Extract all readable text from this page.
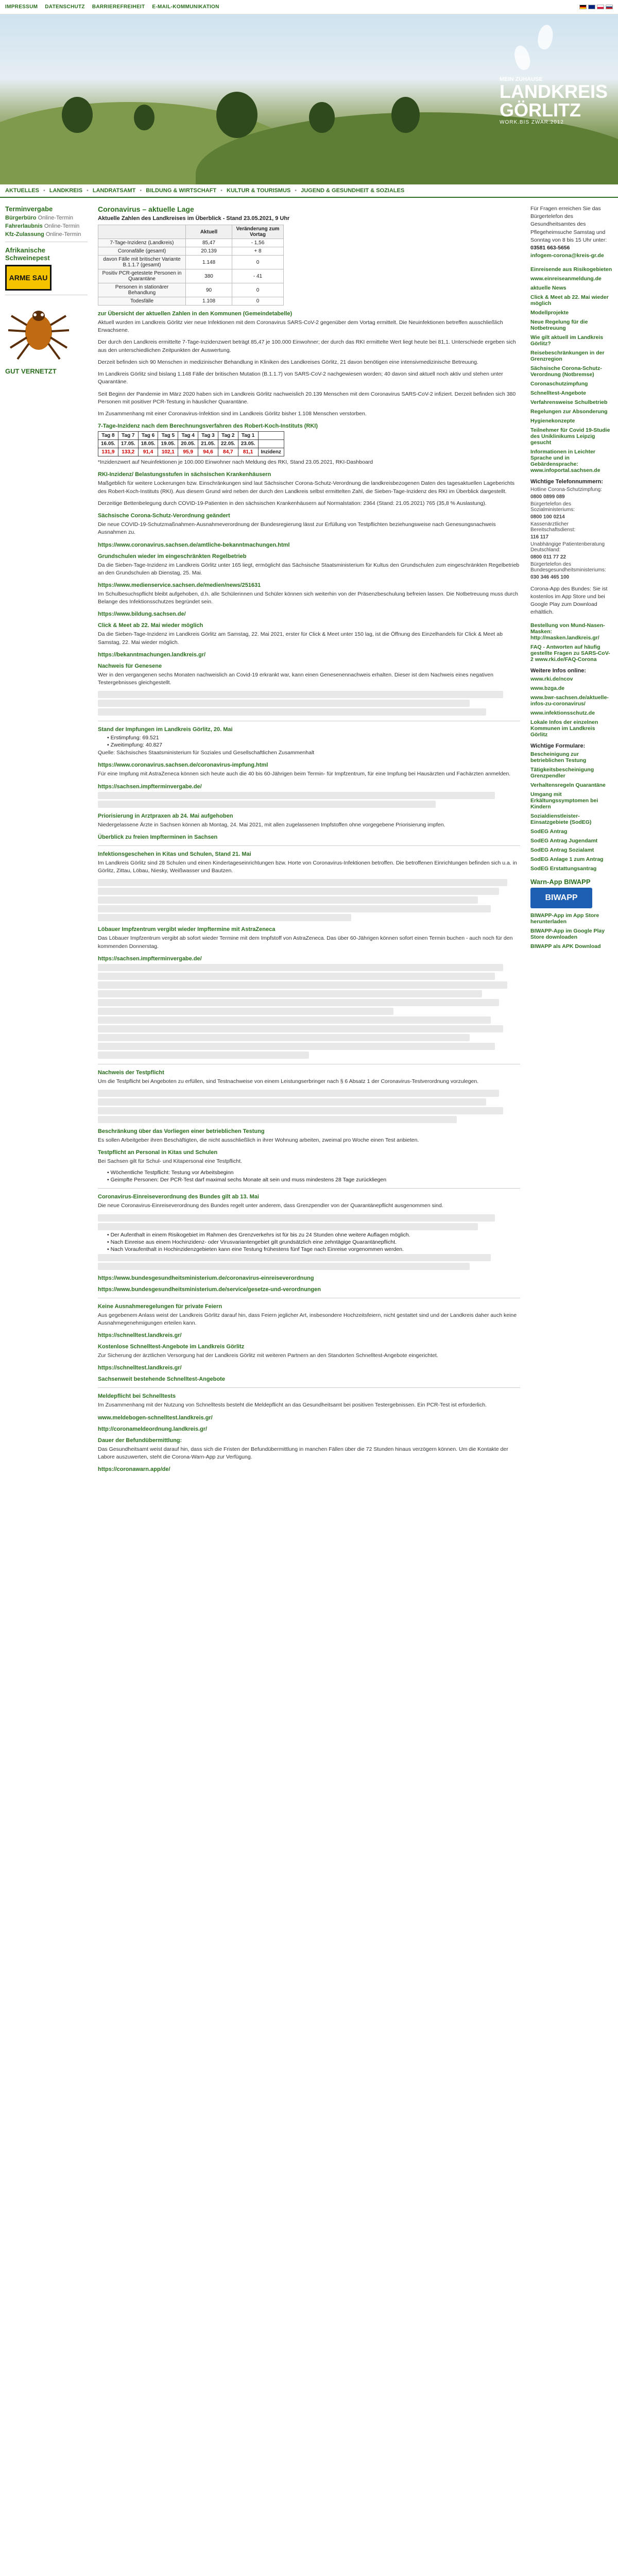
IMPRESSUM DATENSCHUTZ BARRIEREFREIHEIT E-MAIL-KOMMUNIKATION
MEIN ZUHAUSE
LANDKREIS
GÖRLITZ
WORK.BIS ZWAR.2012
AKTUELLES • LANDKREIS • LANDRATSAMT • BILDUNG & WIRTSCHAFT • KULTUR & TOURISMUS • JUGEND & GESUNDHEIT & SOZIALES
Terminvergabe
Bürgerbüro Online-Termin
Fahrerlaubnis Online-Termin
Kfz-Zulassung Online-Termin
Afrikanische Schweinepest
ARME SAU
GUT VERNETZT
Coronavirus – aktuelle Lage
Aktuelle Zahlen des Landkreises im Überblick - Stand 23.05.2021, 9 Uhr
	Aktuell	Veränderung zum Vortag
7-Tage-Inzidenz (Landkreis)	85,47	- 1,56
Coronafälle (gesamt)	20.139	+ 8
davon Fälle mit britischer Variante B.1.1.7 (gesamt)	1.148	0
Positiv PCR-getestete Personen in Quarantäne	380	- 41
Personen in stationärer Behandlung	90	0
Todesfälle	1.108	0
zur Übersicht der aktuellen Zahlen in den Kommunen (Gemeindetabelle)

Aktuell wurden im Landkreis Görlitz vier neue Infektionen mit dem Coronavirus SARS-CoV-2 gegenüber dem Vortag ermittelt. Die Neuinfektionen betreffen ausschließlich Erwachsene.

Der durch den Landkreis ermittelte 7-Tage-Inzidenzwert beträgt 85,47 je 100.000 Einwohner; der durch das RKI ermittelte Wert liegt heute bei 81,1. Unterschiede ergeben sich aus den unterschiedlichen Zeitpunkten der Auswertung.

Derzeit befinden sich 90 Menschen in medizinischer Behandlung in Kliniken des Landkreises Görlitz, 21 davon benötigen eine intensivmedizinische Betreuung.

Im Landkreis Görlitz sind bislang 1.148 Fälle der britischen Mutation (B.1.1.7) von SARS-CoV-2 nachgewiesen worden; 40 davon sind aktuell noch aktiv und stehen unter Quarantäne.

Seit Beginn der Pandemie im März 2020 haben sich im Landkreis Görlitz nachweislich 20.139 Menschen mit dem Coronavirus SARS-CoV-2 infiziert. Derzeit befinden sich 380 Personen mit positiver PCR-Testung in häuslicher Quarantäne.

Im Zusammenhang mit einer Coronavirus-Infektion sind im Landkreis Görlitz bisher 1.108 Menschen verstorben.

7-Tage-Inzidenz nach dem Berechnungsverfahren des Robert-Koch-Instituts (RKI)
Tag 8	Tag 7	Tag 6	Tag 5	Tag 4	Tag 3	Tag 2	Tag 1	
16.05.	17.05.	18.05.	19.05.	20.05.	21.05.	22.05.	23.05.	
131,9	133,2	91,4	102,1	95,9	94,6	84,7	81,1	Inzidenz

*Inzidenzwert auf Neuinfektionen je 100.000 Einwohner nach Meldung des RKI, Stand 23.05.2021, RKI-Dashboard

RKI-Inzidenz/ Belastungsstufen in sächsischen Krankenhäusern

Maßgeblich für weitere Lockerungen bzw. Einschränkungen sind laut Sächsischer Corona-Schutz-Verordnung die landkreisbezogenen Daten des tagesaktuellen Lageberichts des Robert-Koch-Instituts (RKI). Aus diesem Grund wird neben der durch den Landkreis selbst ermittelten Zahl, die Sieben-Tage-Inzidenz des RKI im Überblick dargestellt.

Derzeitige Bettenbelegung durch COVID-19-Patienten in den sächsischen Krankenhäusern auf Normalstation: 2364 (Stand: 21.05.2021) 765 (35,8 % Auslastung).

Sächsische Corona-Schutz-Verordnung geändert

Die neue COVID-19-Schutzmaßnahmen-Ausnahmeverordnung der Bundesregierung lässt zur Erfüllung von Testpflichten beziehungsweise nach Genesungsnachweis Ausnahmen zu.

https://www.coronavirus.sachsen.de/amtliche-bekanntmachungen.html
Grundschulen wieder im eingeschränkten Regelbetrieb

Da die Sieben-Tage-Inzidenz im Landkreis Görlitz unter 165 liegt, ermöglicht das Sächsische Staatsministerium für Kultus den Grundschulen zum eingeschränkten Regelbetrieb an den Grundschulen ab Dienstag, 25. Mai.

https://www.medienservice.sachsen.de/medien/news/251631

Im Schulbesuchspflicht bleibt aufgehoben, d.h. alle Schülerinnen und Schüler können sich weiterhin von der Präsenzbeschulung befreien lassen. Die Notbetreuung muss durch Belange des Infektionsschutzes begründet sein.

https://www.bildung.sachsen.de/
Click & Meet ab 22. Mai wieder möglich

Da die Sieben-Tage-Inzidenz im Landkreis Görlitz am Samstag, 22. Mai 2021, erster für Click & Meet unter 150 lag, ist die Öffnung des Einzelhandels für Click & Meet ab Samstag, 22. Mai wieder möglich.

https://bekanntmachungen.landkreis.gr/
Nachweis für Genesene

Wer in den vergangenen sechs Monaten nachweislich an Covid-19 erkrankt war, kann einen Genesenennachweis erhalten. Dieser ist dem Nachweis eines negativen Testergebnisses gleichgestellt.

Stand der Impfungen im Landkreis Görlitz, 20. Mai
• Erstimpfung: 69.521
• Zweitimpfung: 40.827

Quelle: Sächsisches Staatsministerium für Soziales und Gesellschaftlichen Zusammenhalt

https://www.coronavirus.sachsen.de/coronavirus-impfung.html

Für eine Impfung mit AstraZeneca können sich heute auch die 40 bis 60-Jährigen beim Termin- für Impfzentrum, für eine Impfung bei Hausärzten und Fachärzten anmelden.

https://sachsen.impfterminvergabe.de/
Priorisierung in Arztpraxen ab 24. Mai aufgehoben

Niedergelassene Ärzte in Sachsen können ab Montag, 24. Mai 2021, mit allen zugelassenen Impfstoffen ohne vorgegebene Priorisierung impfen.

Überblick zu freien Impfterminen in Sachsen
Infektionsgeschehen in Kitas und Schulen, Stand 21. Mai

Im Landkreis Görlitz sind 28 Schulen und einen Kindertageseinrichtungen bzw. Horte von Coronavirus-Infektionen betroffen. Die betroffenen Einrichtungen befinden sich u.a. in Görlitz, Zittau, Löbau, Niesky, Weißwasser und Bautzen.

Löbauer Impfzentrum vergibt wieder Impftermine mit AstraZeneca

Das Löbauer Impfzentrum vergibt ab sofort wieder Termine mit dem Impfstoff von AstraZeneca. Das über 60-Jährigen können sofort einen Termin buchen - auch noch für den kommenden Donnerstag.

https://sachsen.impfterminvergabe.de/
Nachweis der Testpflicht

Um die Testpflicht bei Angeboten zu erfüllen, sind Testnachweise von einem Leistungserbringer nach § 6 Absatz 1 der Coronavirus-Testverordnung vorzulegen.

Beschränkung über das Vorliegen einer betrieblichen Testung

Es sollen Arbeitgeber ihren Beschäftigten, die nicht ausschließlich in ihrer Wohnung arbeiten, zweimal pro Woche einen Test anbieten.

Testpflicht an Personal in Kitas und Schulen

Bei Sachsen gilt für Schul- und Kitapersonal eine Testpflicht.

• Wöchentliche Testpflicht: Testung vor Arbeitsbeginn
• Geimpfte Personen: Der PCR-Test darf maximal sechs Monate alt sein und muss mindestens 28 Tage zurückliegen
Coronavirus-Einreiseverordnung des Bundes gilt ab 13. Mai

Die neue Coronavirus-Einreiseverordnung des Bundes regelt unter anderem, dass Grenzpendler von der Quarantänepflicht ausgenommen sind.

• Der Aufenthalt in einem Risikogebiet im Rahmen des Grenzverkehrs ist für bis zu 24 Stunden ohne weitere Auflagen möglich.
• Nach Einreise aus einem Hochinzidenz- oder Virusvariantengebiet gilt grundsätzlich eine zehntägige Quarantänepflicht.
• Nach Voraufenthalt in Hochinzidenzgebieten kann eine Testung frühestens fünf Tage nach Einreise vorgenommen werden.
https://www.bundesgesundheitsministerium.de/coronavirus-einreiseverordnung
https://www.bundesgesundheitsministerium.de/service/gesetze-und-verordnungen
Keine Ausnahmeregelungen für private Feiern

Aus gegebenem Anlass weist der Landkreis Görlitz darauf hin, dass Feiern jeglicher Art, insbesondere Hochzeitsfeiern, nicht gestattet sind und der Landkreis daher auch keine Ausnahmegenehmigungen erteilen kann.

https://schnelltest.landkreis.gr/
Kostenlose Schnelltest-Angebote im Landkreis Görlitz

Zur Sicherung der ärztlichen Versorgung hat der Landkreis Görlitz mit weiteren Partnern an den Standorten Schnelltest-Angebote eingerichtet.

https://schnelltest.landkreis.gr/
Sachsenweit bestehende Schnelltest-Angebote
Meldepflicht bei Schnelltests

Im Zusammenhang mit der Nutzung von Schnelltests besteht die Meldepflicht an das Gesundheitsamt bei positiven Testergebnissen. Ein PCR-Test ist erforderlich.

www.meldebogen-schnelltest.landkreis.gr/
http://coronameldeordnung.landkreis.gr/
Dauer der Befundübermittlung:

Das Gesundheitsamt weist darauf hin, dass sich die Fristen der Befundübermittlung in manchen Fällen über die 72 Stunden hinaus verzögern können. Um die Kontakte der Labore auszuwerten, steht die Corona-Warn-App zur Verfügung.

https://coronawarn.app/de/
Für Fragen erreichen Sie das Bürgertelefon des Gesundheitsamtes des Pflegeheimsuche Samstag und Sonntag von 8 bis 15 Uhr unter:
03581 663-5656
infogem-corona@kreis-gr.de
Einreisende aus Risikogebieten
www.einreiseanmeldung.de
aktuelle News
Click & Meet ab 22. Mai wieder möglich
Modellprojekte
Neue Regelung für die Notbetreuung
Wie gilt aktuell im Landkreis Görlitz?
Reisebeschränkungen in der Grenzregion
Sächsische Corona-Schutz-Verordnung (Notbremse)
Coronaschutzimpfung
Schnelltest-Angebote
Verfahrensweise Schulbetrieb
Regelungen zur Absonderung
Hygienekonzepte
Teilnehmer für Covid 19-Studie des Uniklinikums Leipzig gesucht
Informationen in Leichter Sprache und in Gebärdensprache: www.infoportal.sachsen.de
Wichtige Telefonnummern:
Hotline Corona-Schutzimpfung:
0800 0899 089
Bürgertelefon des Sozialministeriums:
0800 100 0214
Kassenärztlicher Bereitschaftsdienst:
116 117
Unabhängige Patientenberatung Deutschland:
0800 011 77 22
Bürgertelefon des Bundesgesundheitsministeriums:
030 346 465 100
Corona-App des Bundes: Sie ist kostenlos im App Store und bei Google Play zum Download erhältlich.
Bestellung von Mund-Nasen-Masken: http://masken.landkreis.gr/
FAQ - Antworten auf häufig gestellte Fragen zu SARS-CoV-2 www.rki.de/FAQ-Corona
Weitere Infos online:
www.rki.de/ncov
www.bzga.de
www.bwr-sachsen.de/aktuelle-infos-zu-coronavirus/
www.infektionsschutz.de
Lokale Infos der einzelnen Kommunen im Landkreis Görlitz
Wichtige Formulare:
Bescheinigung zur betrieblichen Testung
Tätigkeitsbescheinigung Grenzpendler
Verhaltensregeln Quarantäne
Umgang mit Erkältungssymptomen bei Kindern
Sozialdienstleister-Einsatzgebiete (SodEG)
SodEG Antrag
SodEG Antrag Jugendamt
SodEG Antrag Sozialamt
SodEG Anlage 1 zum Antrag
SodEG Erstattungsantrag
Warn-App BIWAPP
BIWAPP
BIWAPP-App im App Store herunterladen
BIWAPP-App im Google Play Store downloaden
BIWAPP als APK Download
